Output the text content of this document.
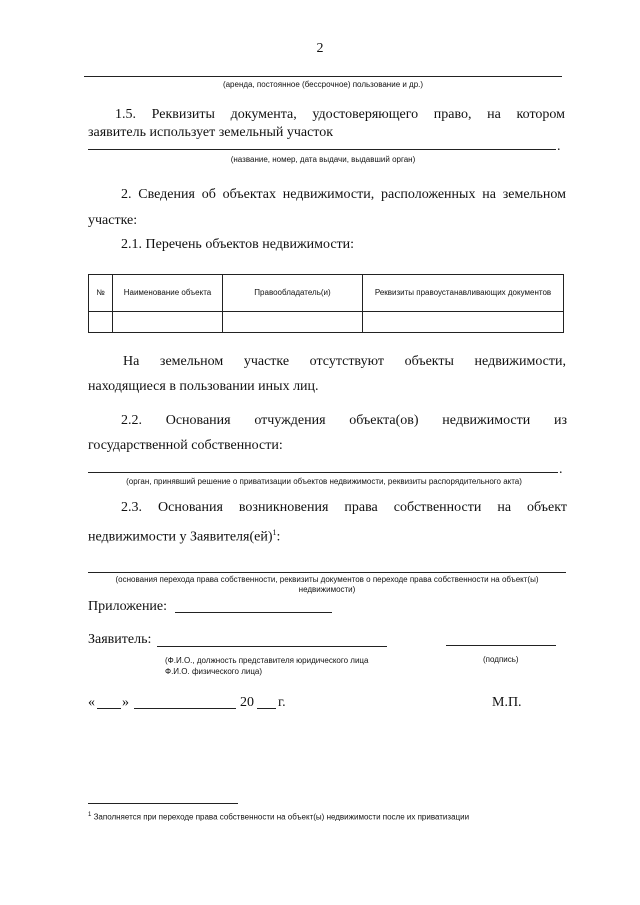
2
(аренда, постоянное (бессрочное) пользование и др.)
1.5. Реквизиты документа, удостоверяющего право, на котором
заявитель использует земельный участок
.
(название, номер, дата выдачи, выдавший орган)
2. Сведения об объектах недвижимости, расположенных на земельном
участке:
2.1. Перечень объектов недвижимости:
№	Наименование объекта	Правообладатель(и)	Реквизиты правоустанавливающих документов

На земельном участке отсутствуют объекты недвижимости,
находящиеся в пользовании иных лиц.
2.2. Основания отчуждения объекта(ов) недвижимости из
государственной собственности:
.
(орган, принявший решение о приватизации объектов недвижимости, реквизиты распорядительного акта)
2.3. Основания возникновения права собственности на объект
недвижимости у Заявителя(ей)$^1$:
(основания перехода права собственности, реквизиты документов о переходе права собственности на объект(ы) недвижимости)
Приложение:
Заявитель:
(Ф.И.О., должность представителя юридического лица
Ф.И.О. физического лица)
(подпись)
« »	20 г.	М.П.
$^1$ Заполняется при переходе права собственности на объект(ы) недвижимости после их приватизации
